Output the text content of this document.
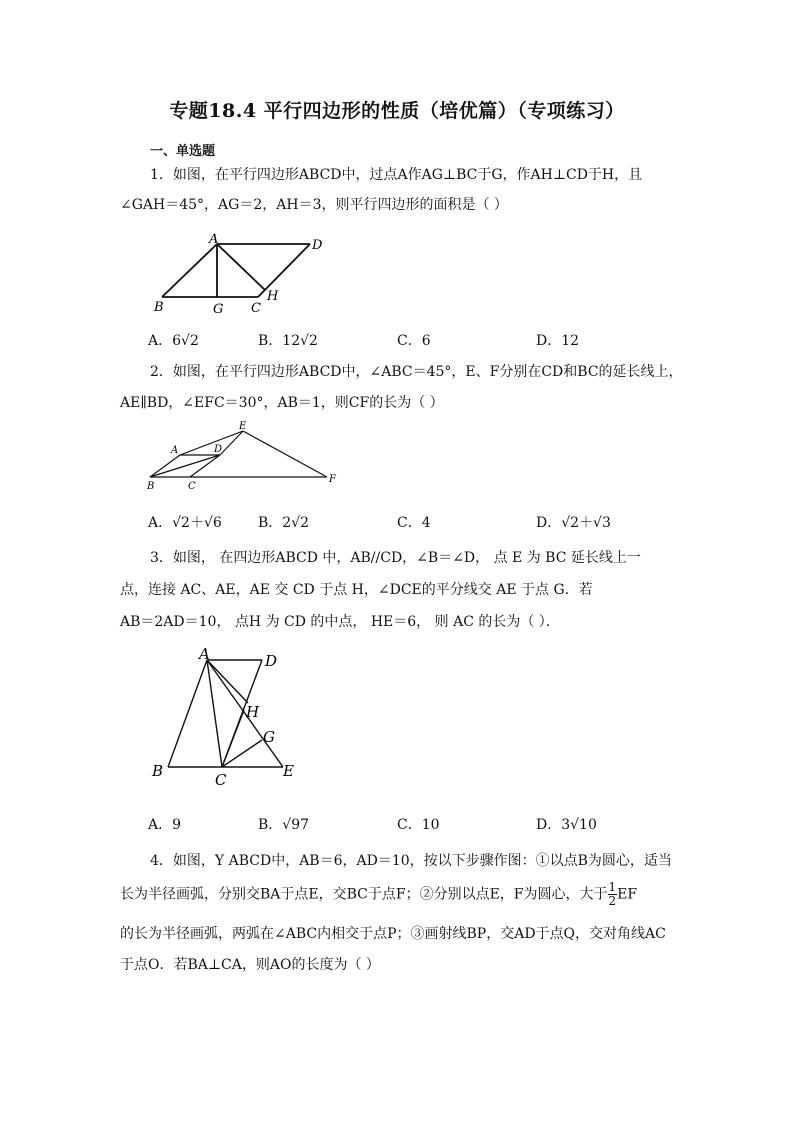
专题18.4 平行四边形的性质（培优篇）（专项练习）
一、单选题
1．如图，在平行四边形ABCD中，过点A作AG⊥BC于G，作AH⊥CD于H，且
∠GAH＝45°，AG＝2，AH＝3，则平行四边形的面积是（ ）
A	D
B	G C
H
A．6√2	B．12√2	C．6	D．12
2．如图，在平行四边形ABCD中，∠ABC＝45°，E、F分别在CD和BC的延长线上，
AE∥BD，∠EFC＝30°，AB＝1，则CF的长为（ ）
E
A	D
B	C
F
A．√2＋√6	B．2√2	C．4	D．√2＋√3
3．如图， 在四边形ABCD 中，AB//CD，∠B＝∠D， 点 E 为 BC 延长线上一
点，连接 AC、AE，AE 交 CD 于点 H，∠DCE的平分线交 AE 于点 G．若
AB＝2AD＝10， 点H 为 CD 的中点， HE＝6， 则 AC 的长为（ ）．
A	D
H
G
B	C	E
A．9	B．√97	C．10	D．3√10
4．如图，Y ABCD中，AB＝6，AD＝10，按以下步骤作图：①以点B为圆心，适当
长为半径画弧，分别交BA于点E，交BC于点F；②分别以点E，F为圆心，大于 $\frac{1}{2}$ EF
的长为半径画弧，两弧在∠ABC内相交于点P；③画射线BP，交AD于点Q，交对角线AC
于点O．若BA⊥CA，则AO的长度为（ ）
